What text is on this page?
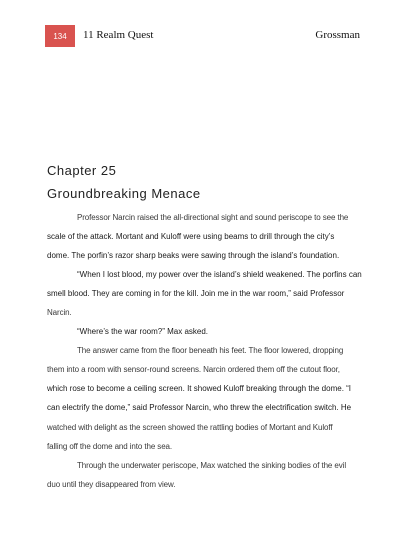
134	11 Realm Quest	Grossman
Chapter 25
Groundbreaking Menace
Professor Narcin raised the all-directional sight and sound periscope to see the
scale of the attack. Mortant and Kuloff were using beams to drill through the city’s
dome. The porfin’s razor sharp beaks were sawing through the island’s foundation.
“When I lost blood, my power over the island’s shield weakened. The porfins can
smell blood. They are coming in for the kill. Join me in the war room,” said Professor
Narcin.
“Where’s the war room?” Max asked.
The answer came from the floor beneath his feet. The floor lowered, dropping
them into a room with sensor-round screens. Narcin ordered them off the cutout floor,
which rose to become a ceiling screen. It showed Kuloff breaking through the dome. “I
can electrify the dome,” said Professor Narcin, who threw the electrification switch. He
watched with delight as the screen showed the rattling bodies of Mortant and Kuloff
falling off the dome and into the sea.
Through the underwater periscope, Max watched the sinking bodies of the evil
duo until they disappeared from view.
